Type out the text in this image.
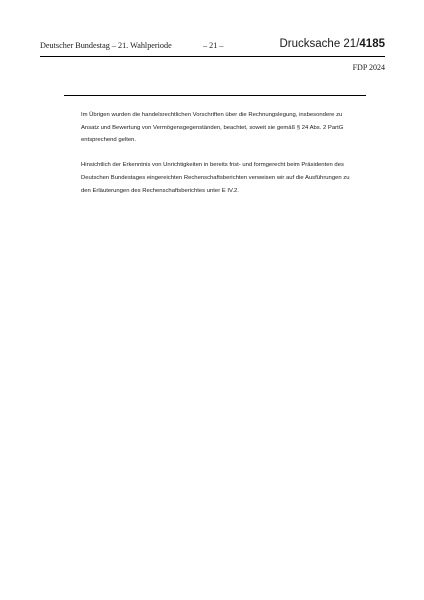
Deutscher Bundestag – 21. Wahlperiode	– 21 –	Drucksache 21/4185
FDP 2024

Im Übrigen wurden die handelsrechtlichen Vorschriften über die Rechnungslegung, insbesondere zu
Ansatz und Bewertung von Vermögensgegenständen, beachtet, soweit sie gemäß § 24 Abs. 2 PartG
entsprechend gelten.

Hinsichtlich der Erkenntnis von Unrichtigkeiten in bereits frist- und formgerecht beim Präsidenten des
Deutschen Bundestages eingereichten Rechenschaftsberichten verweisen wir auf die Ausführungen zu
den Erläuterungen des Rechenschaftsberichtes unter E IV.2.
